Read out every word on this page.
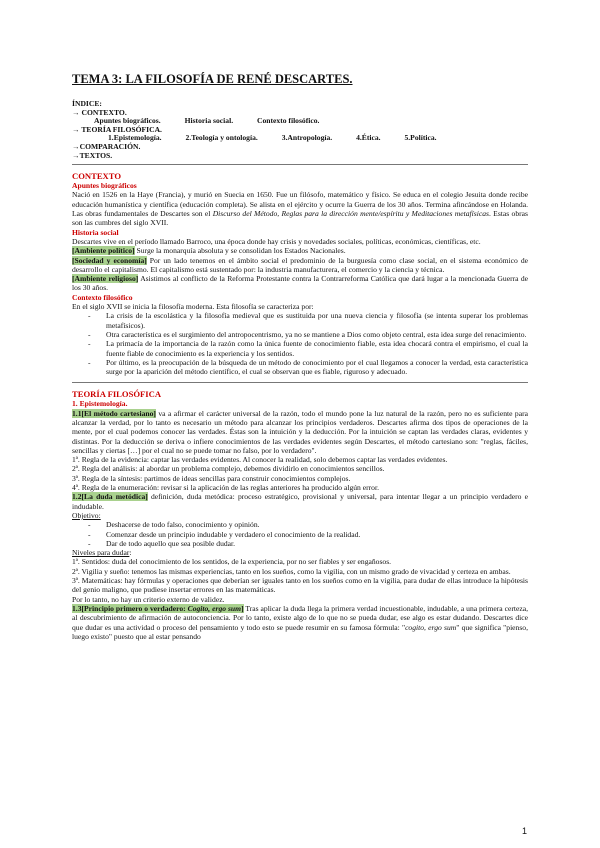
TEMA 3: LA FILOSOFÍA DE RENÉ DESCARTES.
ÍNDICE:
→ CONTEXTO.
Apuntes biográficos.	Historia social.	Contexto filosófico.
→ TEORÍA FILOSÓFICA.
1.Epistemología.	2.Teología y ontología.	3.Antropología.	4.Ética.	5.Política.
→COMPARACIÓN.
→TEXTOS.
CONTEXTO
Apuntes biográficos

Nació en 1526 en la Haye (Francia), y murió en Suecia en 1650. Fue un filósofo, matemático y físico. Se educa en el colegio Jesuita donde recibe educación humanística y científica (educación completa). Se alista en el ejército y ocurre la Guerra de los 30 años. Termina afincándose en Holanda. Las obras fundamentales de Descartes son el Discurso del Método, Reglas para la dirección mente/espíritu y Meditaciones metafísicas. Estas obras son las cumbres del siglo XVII.

Historia social

Descartes vive en el período llamado Barroco, una época donde hay crisis y novedades sociales, políticas, económicas, científicas, etc.

[Ambiente político] Surge la monarquía absoluta y se consolidan los Estados Nacionales.

[Sociedad y economía] Por un lado tenemos en el ámbito social el predominio de la burguesía como clase social, en el sistema económico de desarrollo el capitalismo. El capitalismo está sustentado por: la industria manufacturera, el comercio y la ciencia y técnica.

[Ambiente religioso] Asistimos al conflicto de la Reforma Protestante contra la Contrarreforma Católica que dará lugar a la mencionada Guerra de los 30 años.

Contexto filosófico

En el siglo XVII se inicia la filosofía moderna. Esta filosofía se caracteriza por:

- La crisis de la escolástica y la filosofía medieval que es sustituida por una nueva ciencia y filosofía (se intenta superar los problemas metafísicos).
- Otra característica es el surgimiento del antropocentrismo, ya no se mantiene a Dios como objeto central, esta idea surge del renacimiento.
- La primacía de la importancia de la razón como la única fuente de conocimiento fiable, esta idea chocará contra el empirismo, el cual la fuente fiable de conocimiento es la experiencia y los sentidos.
- Por último, es la preocupación de la búsqueda de un método de conocimiento por el cual llegamos a conocer la verdad, esta característica surge por la aparición del método científico, el cual se observan que es fiable, riguroso y adecuado.
TEORÍA FILOSÓFICA
1. Epistemología.

1.1[El método cartesiano] va a afirmar el carácter universal de la razón, todo el mundo pone la luz natural de la razón, pero no es suficiente para alcanzar la verdad, por lo tanto es necesario un método para alcanzar los principios verdaderos. Descartes afirma dos tipos de operaciones de la mente, por el cual podemos conocer las verdades. Éstas son la intuición y la deducción. Por la intuición se captan las verdades claras, evidentes y distintas. Por la deducción se deriva o infiere conocimientos de las verdades evidentes según Descartes, el método cartesiano son: "reglas, fáciles, sencillas y ciertas […] por el cual no se puede tomar no falso, por lo verdadero".

1ª. Regla de la evidencia: captar las verdades evidentes. Al conocer la realidad, solo debemos captar las verdades evidentes.

2ª. Regla del análisis: al abordar un problema complejo, debemos dividirlo en conocimientos sencillos.

3ª. Regla de la síntesis: partimos de ideas sencillas para construir conocimientos complejos.

4ª. Regla de la enumeración: revisar si la aplicación de las reglas anteriores ha producido algún error.

1.2[La duda metódica] definición, duda metódica: proceso estratégico, provisional y universal, para intentar llegar a un principio verdadero e indudable.

Objetivo:

- Deshacerse de todo falso, conocimiento y opinión.
- Comenzar desde un principio indudable y verdadero el conocimiento de la realidad.
- Dar de todo aquello que sea posible dudar.

Niveles para dudar:

1ª. Sentidos: duda del conocimiento de los sentidos, de la experiencia, por no ser fiables y ser engañosos.

2ª. Vigilia y sueño: tenemos las mismas experiencias, tanto en los sueños, como la vigilia, con un mismo grado de vivacidad y certeza en ambas.

3ª. Matemáticas: hay fórmulas y operaciones que deberían ser iguales tanto en los sueños como en la vigilia, para dudar de ellas introduce la hipótesis del genio maligno, que pudiese insertar errores en las matemáticas.

Por lo tanto, no hay un criterio externo de validez.

1.3[Principio primero o verdadero: Cogito, ergo sum] Tras aplicar la duda llega la primera verdad incuestionable, indudable, a una primera certeza, al descubrimiento de afirmación de autoconciencia. Por lo tanto, existe algo de lo que no se pueda dudar, ese algo es estar dudando. Descartes dice que dudar es una actividad o proceso del pensamiento y todo esto se puede resumir en su famosa fórmula: "cogito, ergo sum" que significa "pienso, luego existo" puesto que al estar pensando

1
